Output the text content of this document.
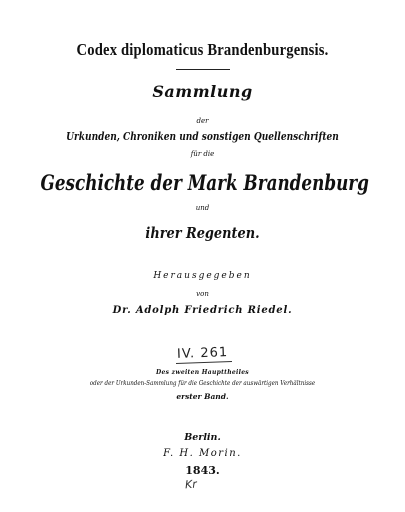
Codex diplomaticus Brandenburgensis.
Sammlung
der
Urkunden, Chroniken und sonstigen Quellenschriften
für die
Geschichte der Mark Brandenburg
und
ihrer Regenten.
Herausgegeben
von
Dr. Adolph Friedrich Riedel.
IV. 261
Des zweiten Haupttheiles
oder der Urkunden-Sammlung für die Geschichte der auswärtigen Verhältnisse
erster Band.
Berlin.
F. H. Morin.
1843.
Kr
